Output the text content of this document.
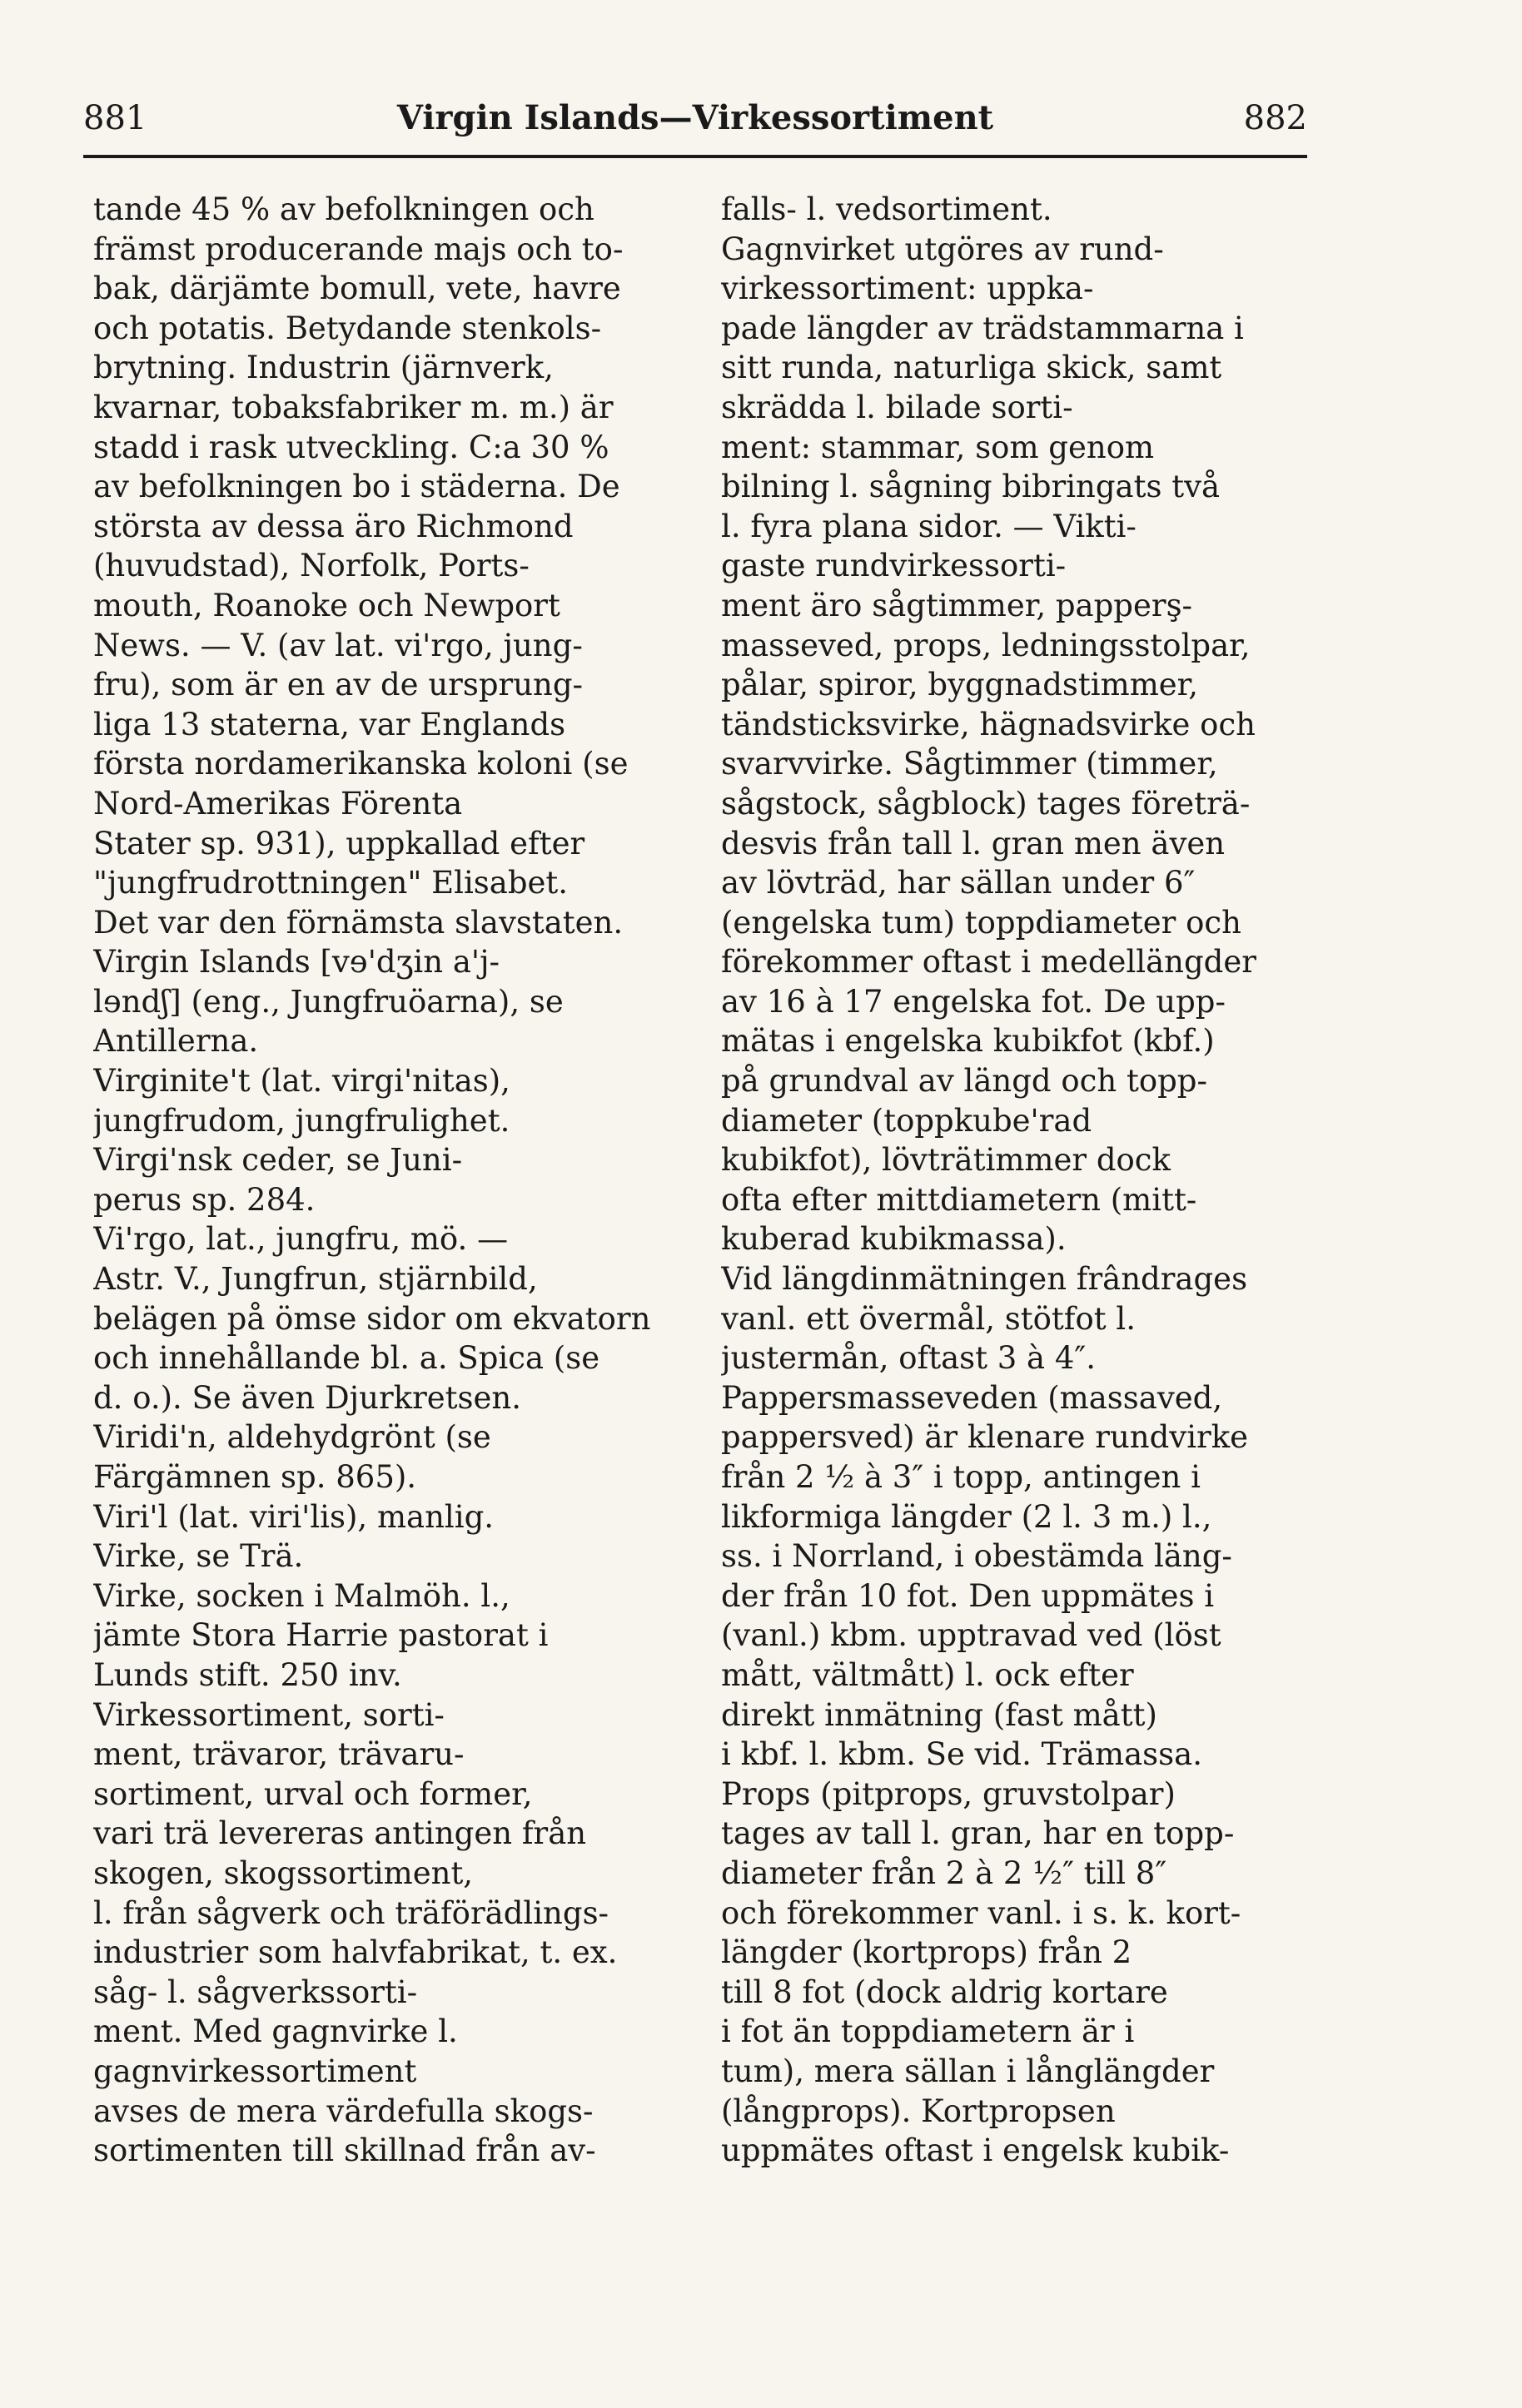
881	Virgin Islands—Virkessortiment	882
tande 45 % av befolkningen och
främst producerande majs och to-
bak, därjämte bomull, vete, havre
och potatis. Betydande stenkols-
brytning. Industrin (järnverk,
kvarnar, tobaksfabriker m. m.) är
stadd i rask utveckling. C:a 30 %
av befolkningen bo i städerna. De
största av dessa äro Richmond
(huvudstad), Norfolk, Ports-
mouth, Roanoke och Newport
News. — V. (av lat. vi'rgo, jung-
fru), som är en av de ursprung-
liga 13 staterna, var Englands
första nordamerikanska koloni (se
Nord-Amerikas Förenta
Stater sp. 931), uppkallad efter
"jungfrudrottningen" Elisabet.
Det var den förnämsta slavstaten.
Virgin Islands [vɘ'dʒin a'j-
lɘndʃ] (eng., Jungfruöarna), se
Antillerna.
Virginite't (lat. virgi'nitas),
jungfrudom, jungfrulighet.
Virgi'nsk ceder, se Juni-
perus sp. 284.
Vi'rgo, lat., jungfru, mö. —
Astr. V., Jungfrun, stjärnbild,
belägen på ömse sidor om ekvatorn
och innehållande bl. a. Spica (se
d. o.). Se även Djurkretsen.
Viridi'n, aldehydgrönt (se
Färgämnen sp. 865).
Viri'l (lat. viri'lis), manlig.
Virke, se Trä.
Virke, socken i Malmöh. l.,
jämte Stora Harrie pastorat i
Lunds stift. 250 inv.
Virkessortiment, sorti-
ment, trävaror, trävaru-
sortiment, urval och former,
vari trä levereras antingen från
skogen, skogssortiment,
l. från sågverk och träförädlings-
industrier som halvfabrikat, t. ex.
såg- l. sågverkssorti-
ment. Med gagnvirke l.
gagnvirkessortiment
avses de mera värdefulla skogs-
sortimenten till skillnad från av-
falls- l. vedsortiment.
Gagnvirket utgöres av rund-
virkessortiment: uppka-
pade längder av trädstammarna i
sitt runda, naturliga skick, samt
skrädda l. bilade sorti-
ment: stammar, som genom
bilning l. sågning bibringats två
l. fyra plana sidor. — Vikti-
gaste rundvirkessorti-
ment äro sågtimmer, papperş-
masseved, props, ledningsstolpar,
pålar, spiror, byggnadstimmer,
tändsticksvirke, hägnadsvirke och
svarvvirke. Sågtimmer (timmer,
sågstock, sågblock) tages företrä-
desvis från tall l. gran men även
av lövträd, har sällan under 6″
(engelska tum) toppdiameter och
förekommer oftast i medellängder
av 16 à 17 engelska fot. De upp-
mätas i engelska kubikfot (kbf.)
på grundval av längd och topp-
diameter (toppkube'rad
kubikfot), lövträtimmer dock
ofta efter mittdiametern (mitt-
kuberad kubikmassa).
Vid längdinmätningen frândrages
vanl. ett övermål, stötfot l.
justermån, oftast 3 à 4″.
Pappersmasseveden (massaved,
pappersved) är klenare rundvirke
från 2 ½ à 3″ i topp, antingen i
likformiga längder (2 l. 3 m.) l.,
ss. i Norrland, i obestämda läng-
der från 10 fot. Den uppmätes i
(vanl.) kbm. upptravad ved (löst
mått, vältmått) l. ock efter
direkt inmätning (fast mått)
i kbf. l. kbm. Se vid. Trämassa.
Props (pitprops, gruvstolpar)
tages av tall l. gran, har en topp-
diameter från 2 à 2 ½″ till 8″
och förekommer vanl. i s. k. kort-
längder (kortprops) från 2
till 8 fot (dock aldrig kortare
i fot än toppdiametern är i
tum), mera sällan i långlängder
(långprops). Kortpropsen
uppmätes oftast i engelsk kubik-
